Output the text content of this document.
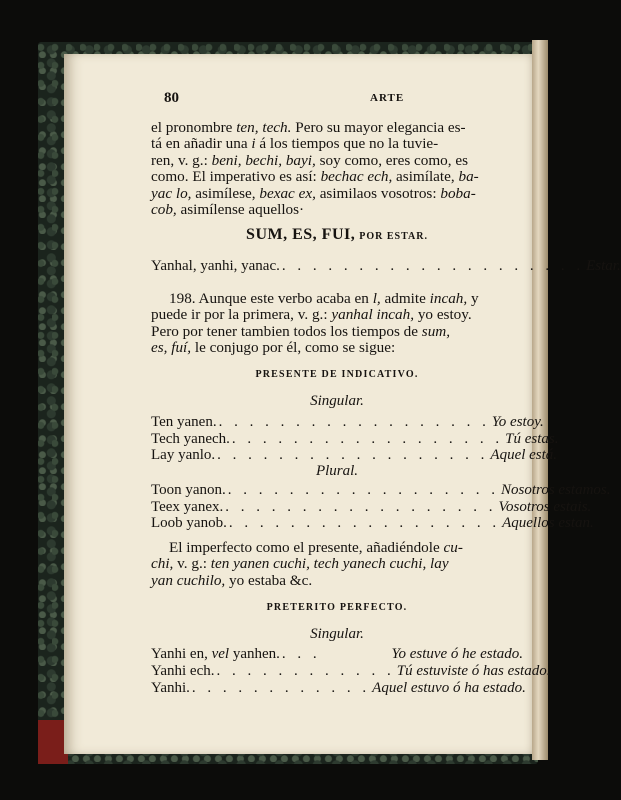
80	ARTE
el pronombre ten, tech. Pero su mayor elegancia es-
tá en añadir una i á los tiempos que no la tuvie-
ren, v. g.: beni, bechi, bayi, soy como, eres como, es
como. El imperativo es así: bechac ech, asimílate, ba-
yac lo, asimílese, bexac ex, asimilaos vosotros: boba-
cob, asimílense aquellos·
SUM, ES, FUI, POR ESTAR.
Yanhal, yanhi, yanac. . . . . . . . . . . . . . . . . . . . . Estar.
198. Aunque este verbo acaba en l, admite incah, y
puede ir por la primera, v. g.: yanhal incah, yo estoy.
Pero por tener tambien todos los tiempos de sum,
es, fuí, le conjugo por él, como se sigue:
PRESENTE DE INDICATIVO.
Singular.
Ten yanen. . . . . . . . . . . . . . . . . . . Yo estoy.
Tech yanech. . . . . . . . . . . . . . . . . . . Tú estas.
Lay yanlo. . . . . . . . . . . . . . . . . . . Aquel está.
Plural.
Toon yanon. . . . . . . . . . . . . . . . . . . Nosotros estamos.
Teex yanex. . . . . . . . . . . . . . . . . . . Vosotros estais.
Loob yanob. . . . . . . . . . . . . . . . . . . Aquellos estan.
El imperfecto como el presente, añadiéndole cu-
chi, v. g.: ten yanen cuchi, tech yanech cuchi, lay
yan cuchilo, yo estaba &c.
PRETERITO PERFECTO.
Singular.
Yanhi en, vel yanhen. . . .	Yo estuve ó he estado.
Yanhi ech. . . . . . . . . . . . . Tú estuviste ó has estado.
Yanhi. . . . . . . . . . . . . Aquel estuvo ó ha estado.
